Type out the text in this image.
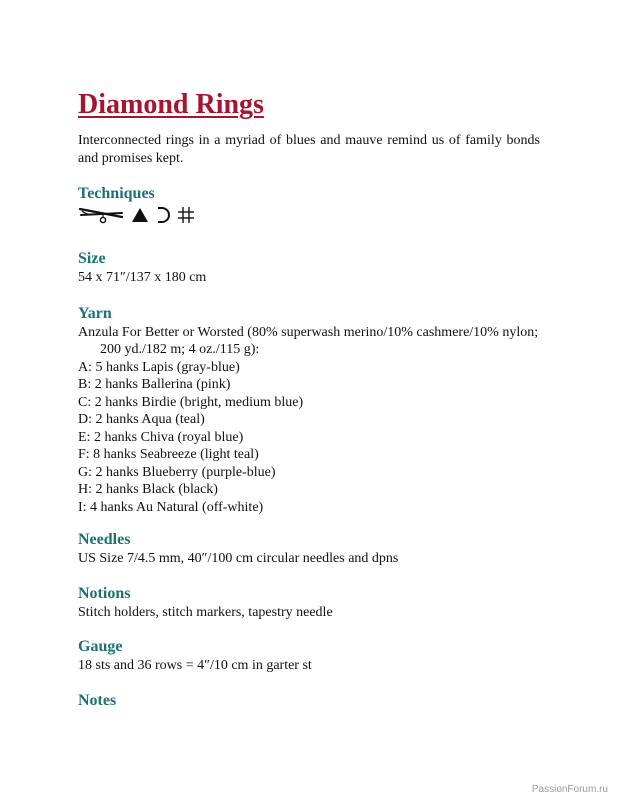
Diamond Rings
Interconnected rings in a myriad of blues and mauve remind us of family bonds and promises kept.
Techniques
Size
54 x 71″/137 x 180 cm
Yarn
Anzula For Better or Worsted (80% superwash merino/10% cashmere/10% nylon; 200 yd./182 m; 4 oz./115 g):
A: 5 hanks Lapis (gray-blue)
B: 2 hanks Ballerina (pink)
C: 2 hanks Birdie (bright, medium blue)
D: 2 hanks Aqua (teal)
E: 2 hanks Chiva (royal blue)
F: 8 hanks Seabreeze (light teal)
G: 2 hanks Blueberry (purple-blue)
H: 2 hanks Black (black)
I: 4 hanks Au Natural (off-white)
Needles
US Size 7/4.5 mm, 40″/100 cm circular needles and dpns
Notions
Stitch holders, stitch markers, tapestry needle
Gauge
18 sts and 36 rows = 4″/10 cm in garter st
Notes
PassionForum.ru
